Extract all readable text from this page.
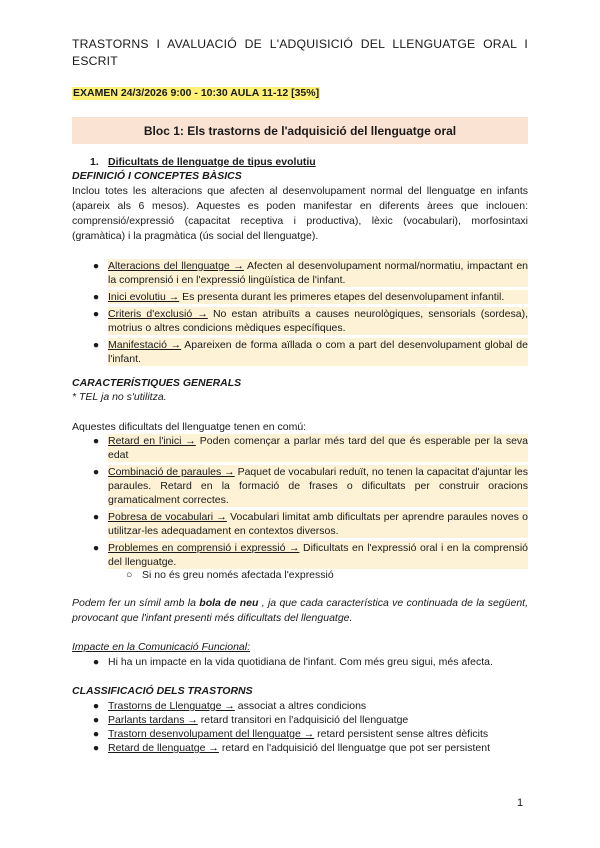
TRASTORNS I AVALUACIÓ DE L'ADQUISICIÓ DEL LLENGUATGE ORAL I ESCRIT
EXAMEN 24/3/2026 9:00 - 10:30 AULA 11-12 [35%]
Bloc 1: Els trastorns de l'adquisició del llenguatge oral
1. Dificultats de llenguatge de tipus evolutiu
DEFINICIÓ I CONCEPTES BÀSICS
Inclou totes les alteracions que afecten al desenvolupament normal del llenguatge en infants (apareix als 6 mesos). Aquestes es poden manifestar en diferents àrees que inclouen: comprensió/expressió (capacitat receptiva i productiva), lèxic (vocabulari), morfosintaxi (gramàtica) i la pragmàtica (ús social del llenguatge).
● Alteracions del llenguatge → Afecten al desenvolupament normal/normatiu, impactant en la comprensió i en l'expressió lingüística de l'infant.
● Inici evolutiu → Es presenta durant les primeres etapes del desenvolupament infantil.
● Criteris d'exclusió → No estan atribuïts a causes neurològiques, sensorials (sordesa), motrius o altres condicions mèdiques específiques.
● Manifestació → Apareixen de forma aïllada o com a part del desenvolupament global de l'infant.
CARACTERÍSTIQUES GENERALS
* TEL ja no s'utilitza.
Aquestes dificultats del llenguatge tenen en comú:
● Retard en l'inici → Poden començar a parlar més tard del que és esperable per la seva edat
● Combinació de paraules → Paquet de vocabulari reduït, no tenen la capacitat d'ajuntar les paraules. Retard en la formació de frases o dificultats per construir oracions gramaticalment correctes.
● Pobresa de vocabulari → Vocabulari limitat amb dificultats per aprendre paraules noves o utilitzar-les adequadament en contextos diversos.
● Problemes en comprensió i expressió → Dificultats en l'expressió oral i en la comprensió del llenguatge.
○ Si no és greu només afectada l'expressió
Podem fer un símil amb la bola de neu , ja que cada característica ve continuada de la següent, provocant que l'infant presenti més dificultats del llenguatge.
Impacte en la Comunicació Funcional:
● Hi ha un impacte en la vida quotidiana de l'infant. Com més greu sigui, més afecta.
CLASSIFICACIÓ DELS TRASTORNS
● Trastorns de Llenguatge → associat a altres condicions
● Parlants tardans → retard transitori en l'adquisició del llenguatge
● Trastorn desenvolupament del llenguatge → retard persistent sense altres dèficits
● Retard de llenguatge → retard en l'adquisició del llenguatge que pot ser persistent
1
